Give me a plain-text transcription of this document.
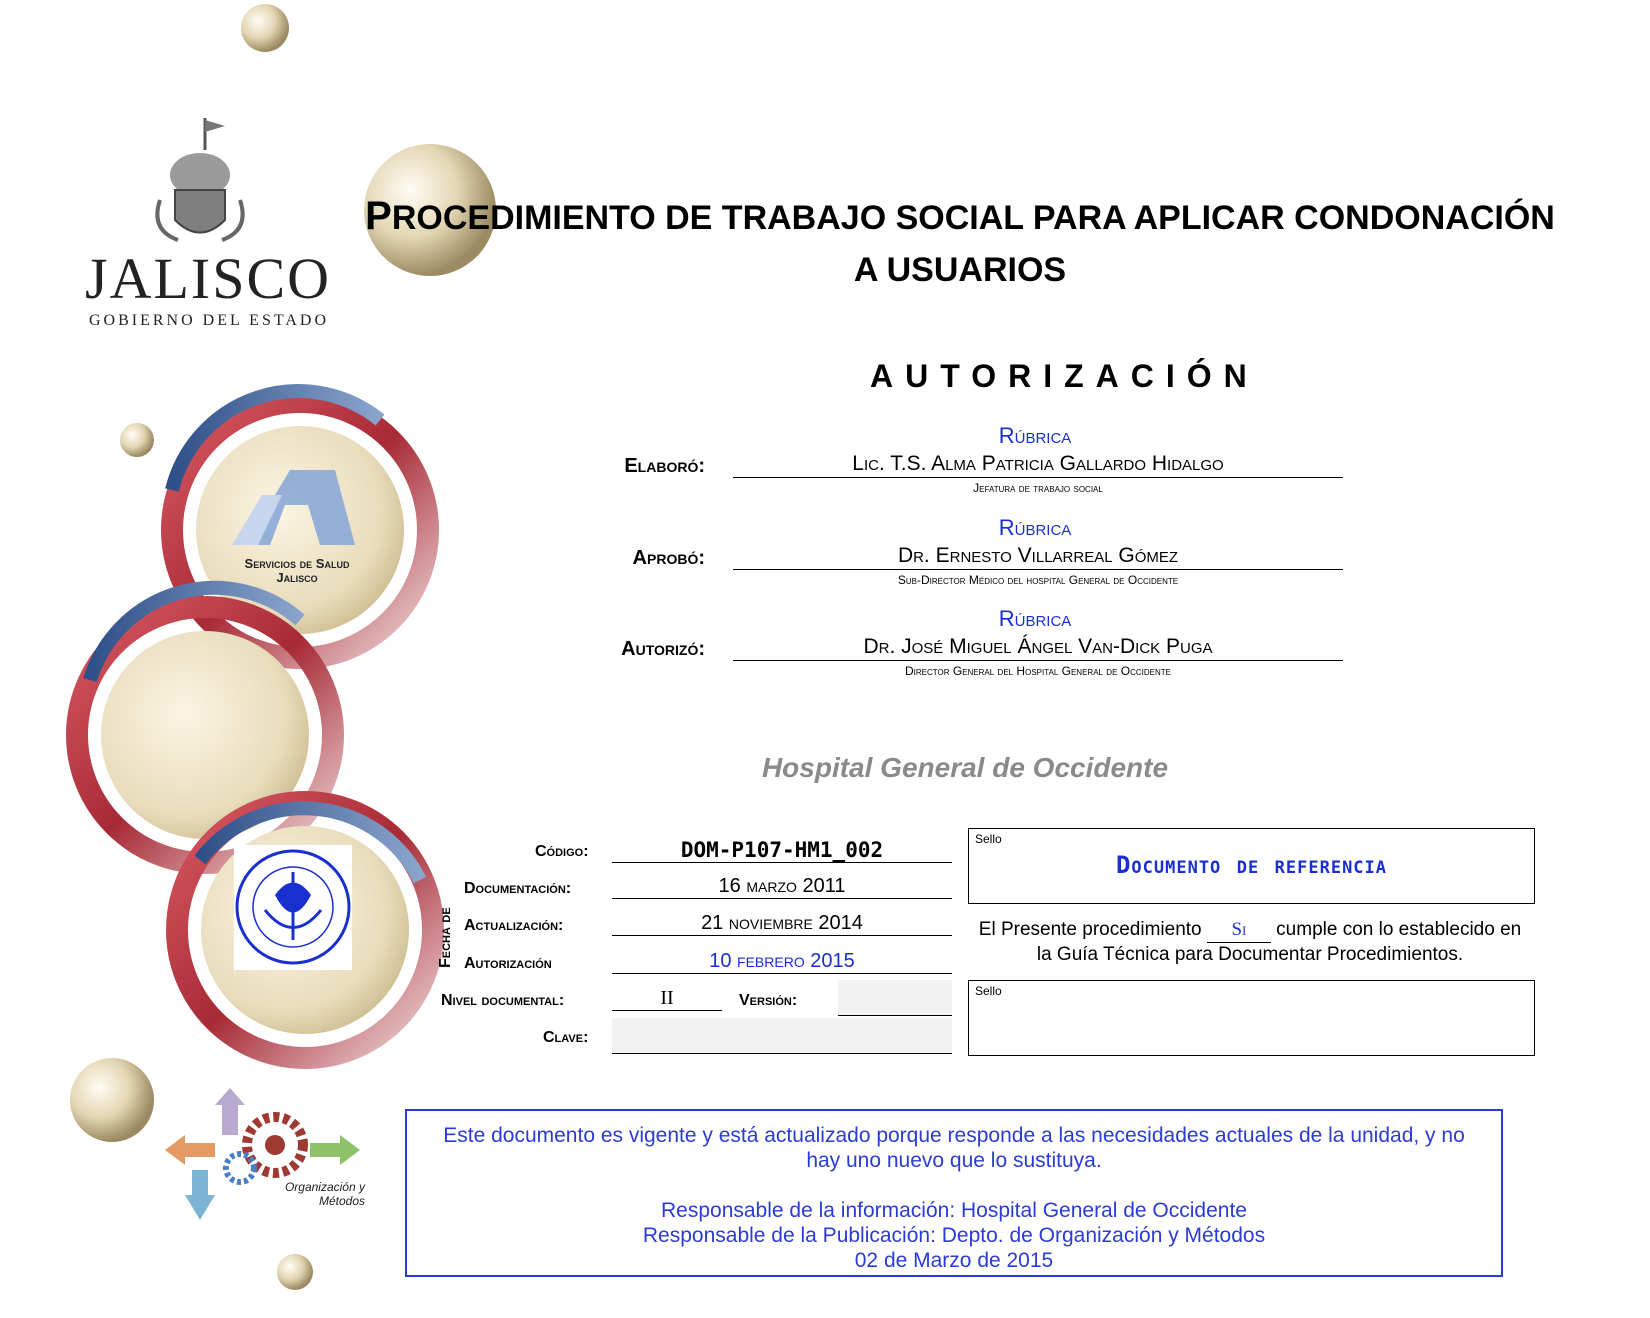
JALISCO
GOBIERNO DEL ESTADO
Servicios de Salud
Jalisco
Organización y
Métodos
PROCEDIMIENTO DE TRABAJO SOCIAL PARA APLICAR CONDONACIÓN
A USUARIOS
AUTORIZACIÓN
Rúbrica
Elaboró:	Lic. T.S. Alma Patricia Gallardo Hidalgo
Jefatura de trabajo social
Rúbrica
Aprobó:	Dr. Ernesto Villarreal Gómez
Sub-Director Médico del hospital General de Occidente
Rúbrica
Autorizó:	Dr. José Miguel Ángel Van-Dick Puga
Director General del Hospital General de Occidente
Hospital General de Occidente
Código:	DOM-P107-HM1_002
Fecha de
Documentación:	16 marzo 2011
Actualización:	21 noviembre 2014
Autorización	10 febrero 2015
Nivel documental:	II	Versión:
Clave:
Sello
Documento de referencia
El Presente procedimiento Si cumple con lo establecido en la Guía Técnica para Documentar Procedimientos.
Sello
Este documento es vigente y está actualizado porque responde a las necesidades actuales de la unidad, y no hay uno nuevo que lo sustituya.
Responsable de la información: Hospital General de Occidente
Responsable de la Publicación: Depto. de Organización y Métodos
02 de Marzo de 2015
